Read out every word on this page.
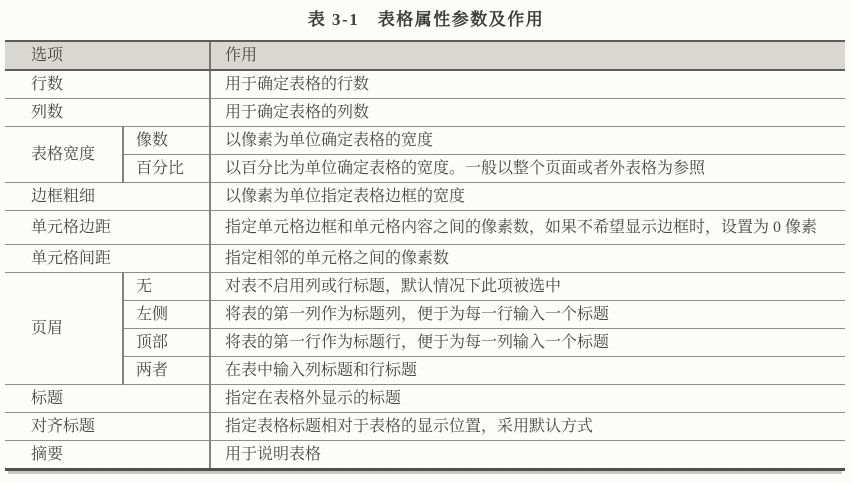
表 3-1　表格属性参数及作用
选项		作用
行数		用于确定表格的行数
列数		用于确定表格的列数
表格宽度	像数	以像素为单位确定表格的宽度
	百分比	以百分比为单位确定表格的宽度。一般以整个页面或者外表格为参照
边框粗细		以像素为单位指定表格边框的宽度
单元格边距		指定单元格边框和单元格内容之间的像素数，如果不希望显示边框时，设置为 0 像素
单元格间距		指定相邻的单元格之间的像素数
页眉	无	对表不启用列或行标题，默认情况下此项被选中
	左侧	将表的第一列作为标题列，便于为每一行输入一个标题
	顶部	将表的第一行作为标题行，便于为每一列输入一个标题
	两者	在表中输入列标题和行标题
标题		指定在表格外显示的标题
对齐标题		指定表格标题相对于表格的显示位置，采用默认方式
摘要		用于说明表格
